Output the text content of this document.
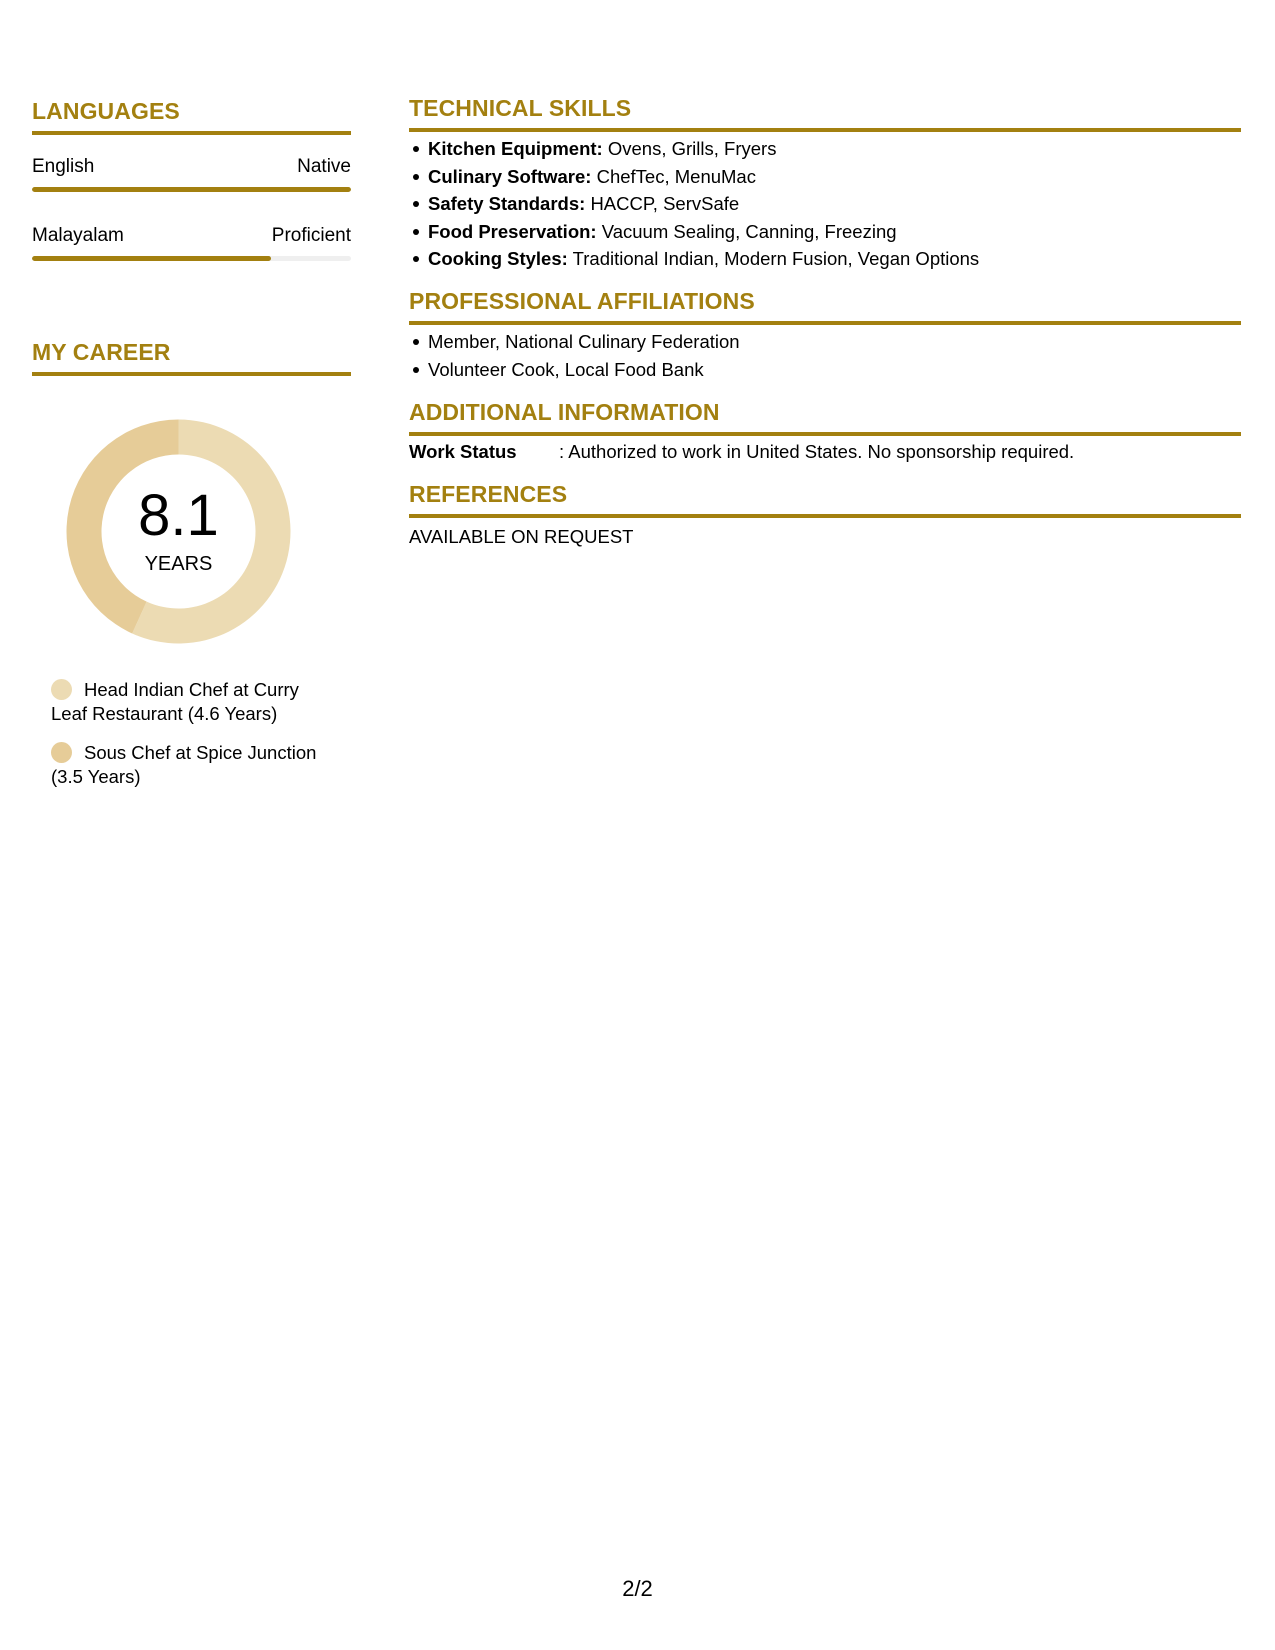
LANGUAGES
English	Native
Malayalam	Proficient
MY CAREER
8.1
YEARS
Head Indian Chef at Curry Leaf Restaurant (4.6 Years)
Sous Chef at Spice Junction (3.5 Years)
TECHNICAL SKILLS
Kitchen Equipment: Ovens, Grills, Fryers
Culinary Software: ChefTec, MenuMac
Safety Standards: HACCP, ServSafe
Food Preservation: Vacuum Sealing, Canning, Freezing
Cooking Styles: Traditional Indian, Modern Fusion, Vegan Options
PROFESSIONAL AFFILIATIONS
Member, National Culinary Federation
Volunteer Cook, Local Food Bank
ADDITIONAL INFORMATION
Work Status : Authorized to work in United States. No sponsorship required.
REFERENCES
AVAILABLE ON REQUEST
2/2
